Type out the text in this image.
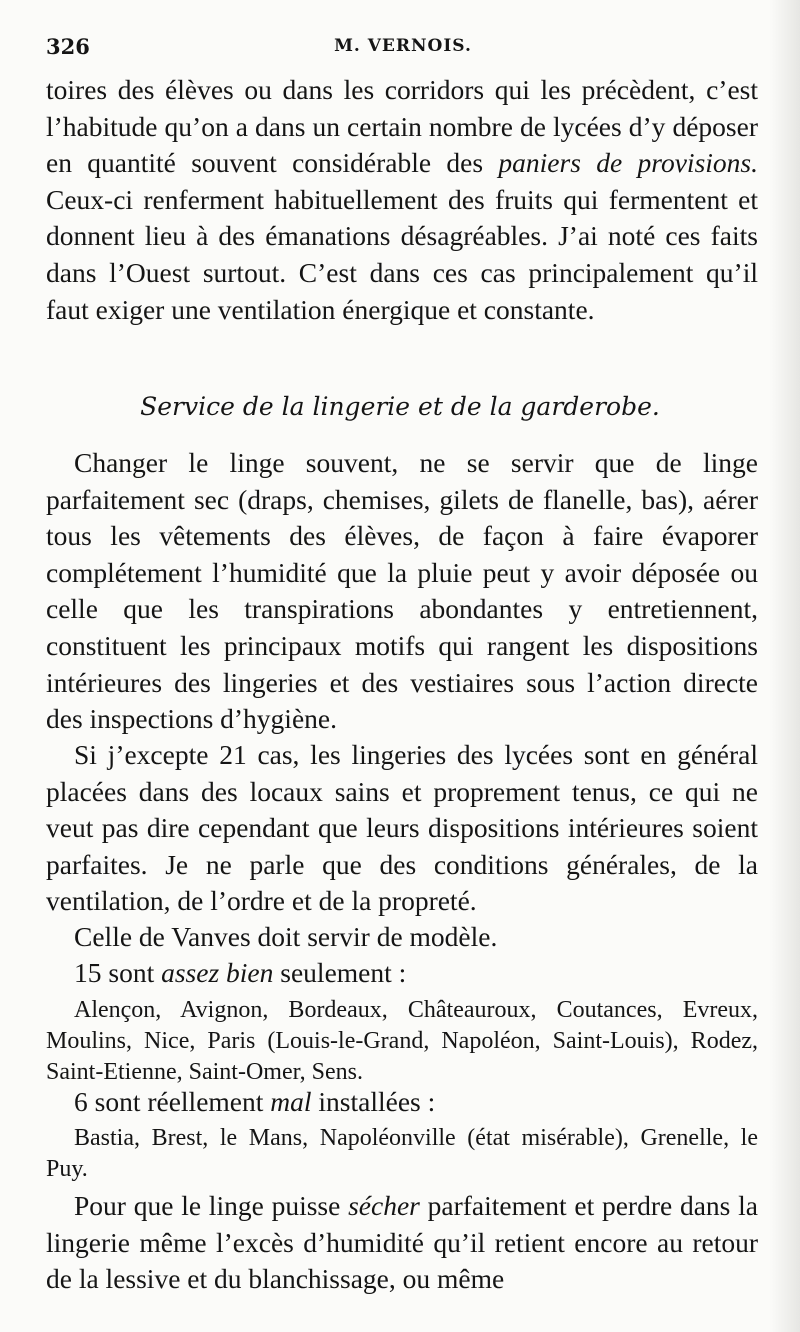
326	M. VERNOIS.

toires des élèves ou dans les corridors qui les précèdent, c’est l’habitude qu’on a dans un certain nombre de lycées d’y déposer en quantité souvent considérable des paniers de provisions. Ceux-ci renferment habituellement des fruits qui fermentent et donnent lieu à des émanations désagréables. J’ai noté ces faits dans l’Ouest surtout. C’est dans ces cas principalement qu’il faut exiger une ventilation énergique et constante.

Service de la lingerie et de la garderobe.

Changer le linge souvent, ne se servir que de linge parfaitement sec (draps, chemises, gilets de flanelle, bas), aérer tous les vêtements des élèves, de façon à faire évaporer complétement l’humidité que la pluie peut y avoir déposée ou celle que les transpirations abondantes y entretiennent, constituent les principaux motifs qui rangent les dispositions intérieures des lingeries et des vestiaires sous l’action directe des inspections d’hygiène.

Si j’excepte 21 cas, les lingeries des lycées sont en général placées dans des locaux sains et proprement tenus, ce qui ne veut pas dire cependant que leurs dispositions intérieures soient parfaites. Je ne parle que des conditions générales, de la ventilation, de l’ordre et de la propreté.

Celle de Vanves doit servir de modèle.

15 sont assez bien seulement :

Alençon, Avignon, Bordeaux, Châteauroux, Coutances, Evreux, Moulins, Nice, Paris (Louis-le-Grand, Napoléon, Saint-Louis), Rodez, Saint-Etienne, Saint-Omer, Sens.

6 sont réellement mal installées :

Bastia, Brest, le Mans, Napoléonville (état misérable), Grenelle, le Puy.

Pour que le linge puisse sécher parfaitement et perdre dans la lingerie même l’excès d’humidité qu’il retient encore au retour de la lessive et du blanchissage, ou même
